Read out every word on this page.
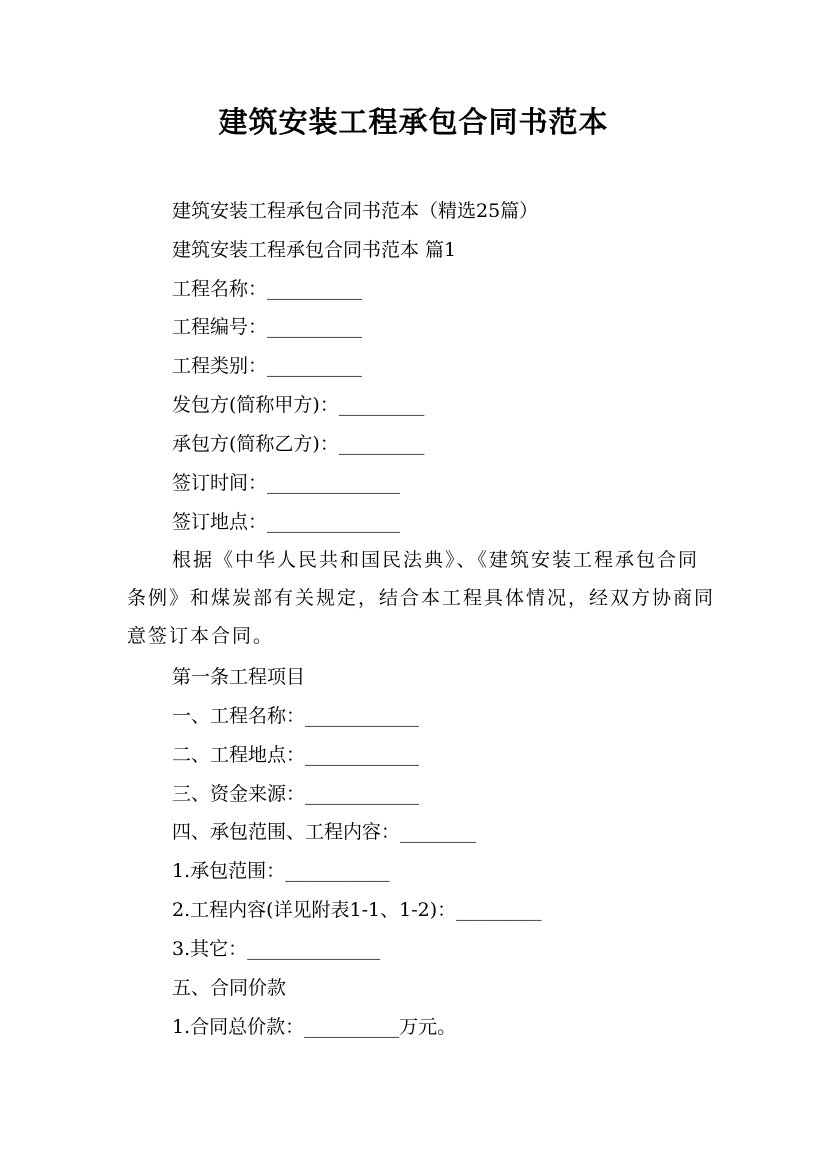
建筑安装工程承包合同书范本
建筑安装工程承包合同书范本（精选25篇）
建筑安装工程承包合同书范本 篇1
工程名称：__________
工程编号：__________
工程类别：__________
发包方(简称甲方)：_________
承包方(简称乙方)：_________
签订时间：______________
签订地点：______________
根据《中华人民共和国民法典》、《建筑安装工程承包合同条例》和煤炭部有关规定，结合本工程具体情况，经双方协商同意签订本合同。
第一条工程项目
一、工程名称：____________
二、工程地点：____________
三、资金来源：____________
四、承包范围、工程内容：________
1.承包范围：___________
2.工程内容(详见附表1-1、1-2)：_________
3.其它：______________
五、合同价款
1.合同总价款：__________万元。
